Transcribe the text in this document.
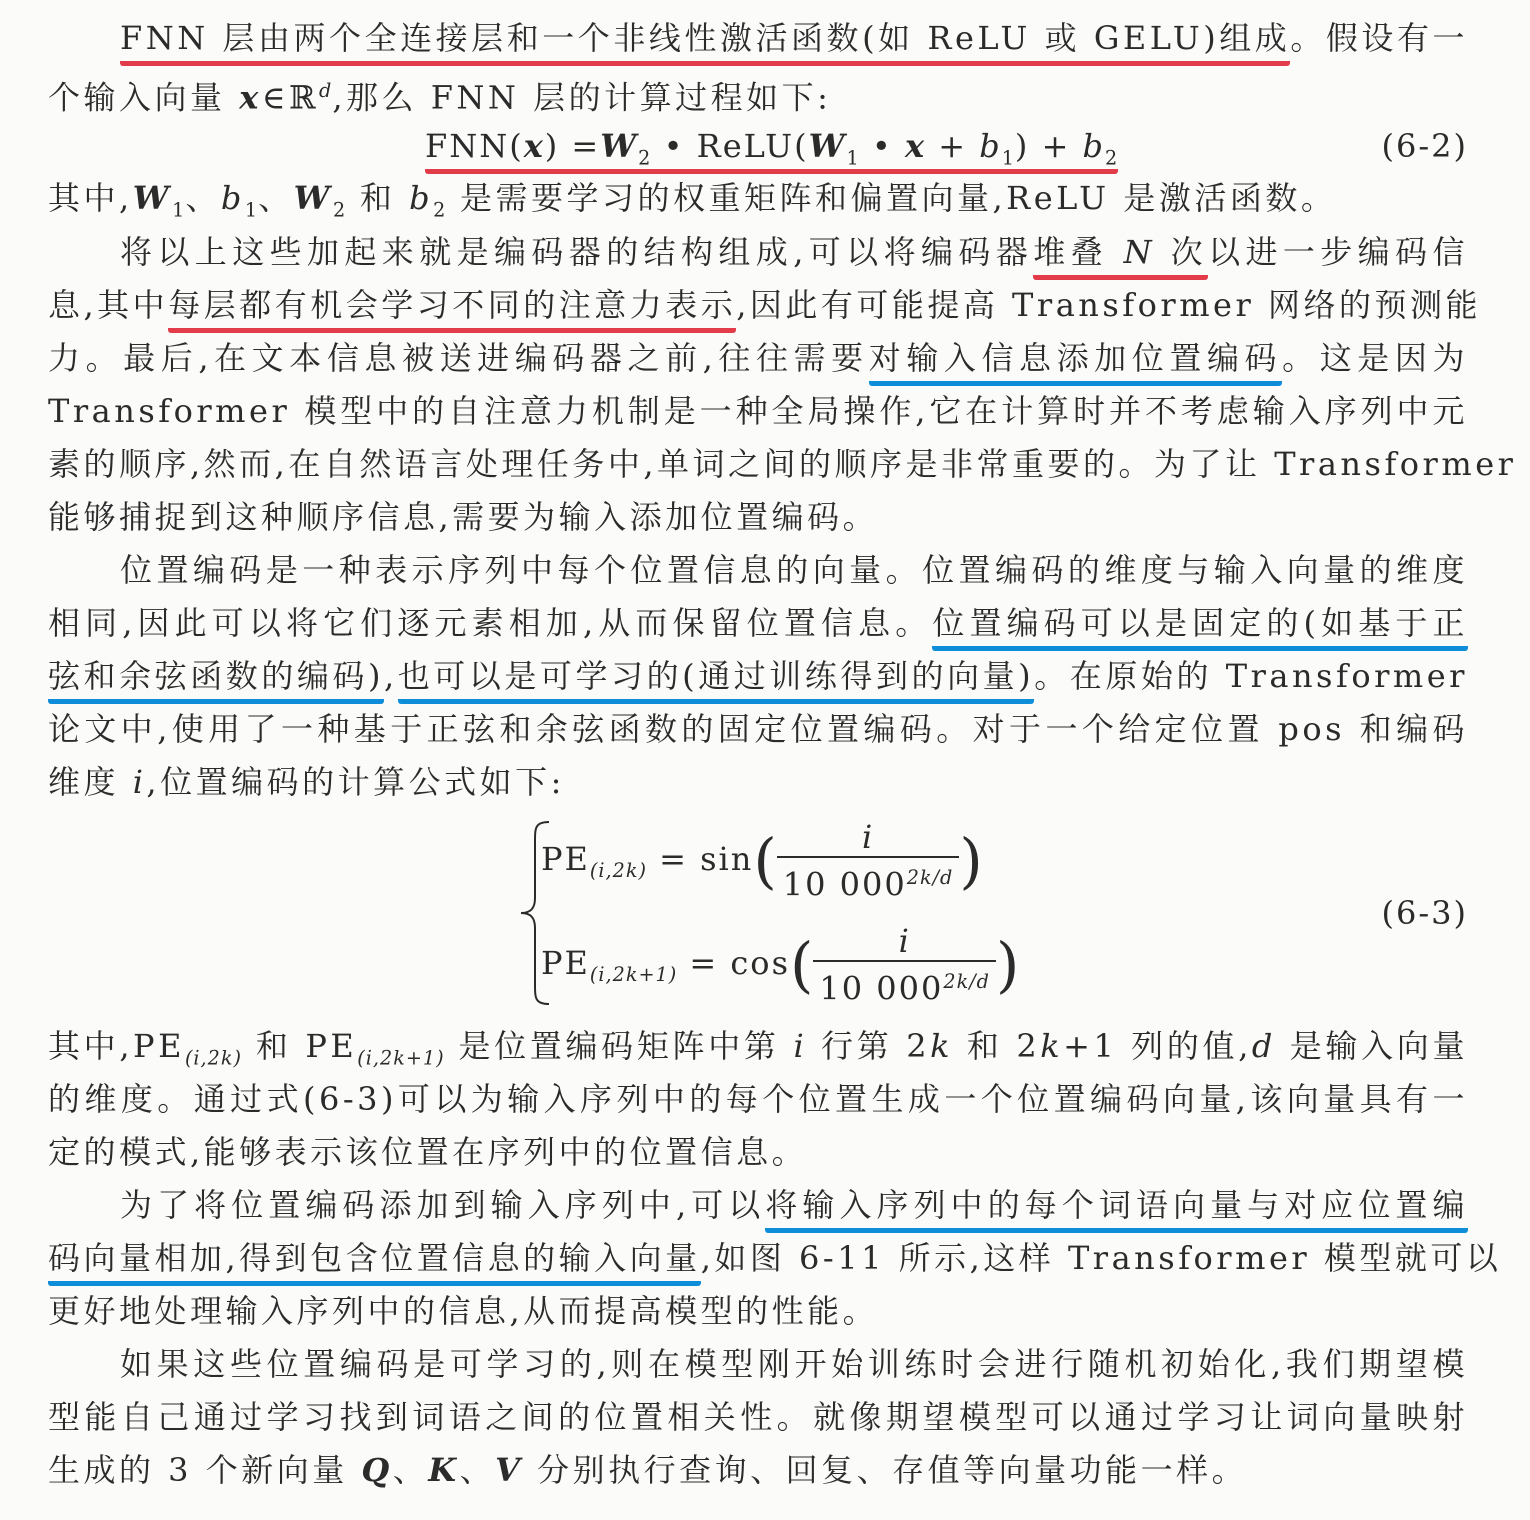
FNN 层由两个全连接层和一个非线性激活函数(如 ReLU 或 GELU)组成。假设有一
个输入向量 x∈ℝ$^d$,那么 FNN 层的计算过程如下:
$FNN(x) =W_2$ • $ReLU(W_1$ • $x + b_1) + b_2$	(6-2)
其中$,W_1$、$b_1$、$W_2$ 和 $b_2$ 是需要学习的权重矩阵和偏置向量,ReLU 是激活函数。
将以上这些加起来就是编码器的结构组成,可以将编码器堆叠 N 次以进一步编码信
息,其中每层都有机会学习不同的注意力表示,因此有可能提高 Transformer 网络的预测能
力。最后,在文本信息被送进编码器之前,往往需要对输入信息添加位置编码。这是因为
Transformer 模型中的自注意力机制是一种全局操作,它在计算时并不考虑输入序列中元
素的顺序,然而,在自然语言处理任务中,单词之间的顺序是非常重要的。为了让 Transformer
能够捕捉到这种顺序信息,需要为输入添加位置编码。
位置编码是一种表示序列中每个位置信息的向量。位置编码的维度与输入向量的维度
相同,因此可以将它们逐元素相加,从而保留位置信息。位置编码可以是固定的(如基于正
弦和余弦函数的编码),也可以是可学习的(通过训练得到的向量)。在原始的 Transformer
论文中,使用了一种基于正弦和余弦函数的固定位置编码。对于一个给定位置 pos 和编码
维度 i,位置编码的计算公式如下:
$PE_{(i,2k)} = \sin( \frac{i}{10 000^{2k/d}}$ )
$PE_{(i,2k+1)} = \cos( \frac{i}{10 000^{2k/d}}$ )
(6-3)
其中$,PE_{(i,2k)}$ 和 $PE_{(i,2k+1)}$ 是位置编码矩阵中第 i 行第 2k 和 2k+1 列的值,d 是输入向量
的维度。通过式(6-3)可以为输入序列中的每个位置生成一个位置编码向量,该向量具有一
定的模式,能够表示该位置在序列中的位置信息。
为了将位置编码添加到输入序列中,可以将输入序列中的每个词语向量与对应位置编
码向量相加,得到包含位置信息的输入向量,如图 6-11 所示,这样 Transformer 模型就可以
更好地处理输入序列中的信息,从而提高模型的性能。
如果这些位置编码是可学习的,则在模型刚开始训练时会进行随机初始化,我们期望模
型能自己通过学习找到词语之间的位置相关性。就像期望模型可以通过学习让词向量映射
生成的 3 个新向量 Q、K、V 分别执行查询、回复、存值等向量功能一样。
